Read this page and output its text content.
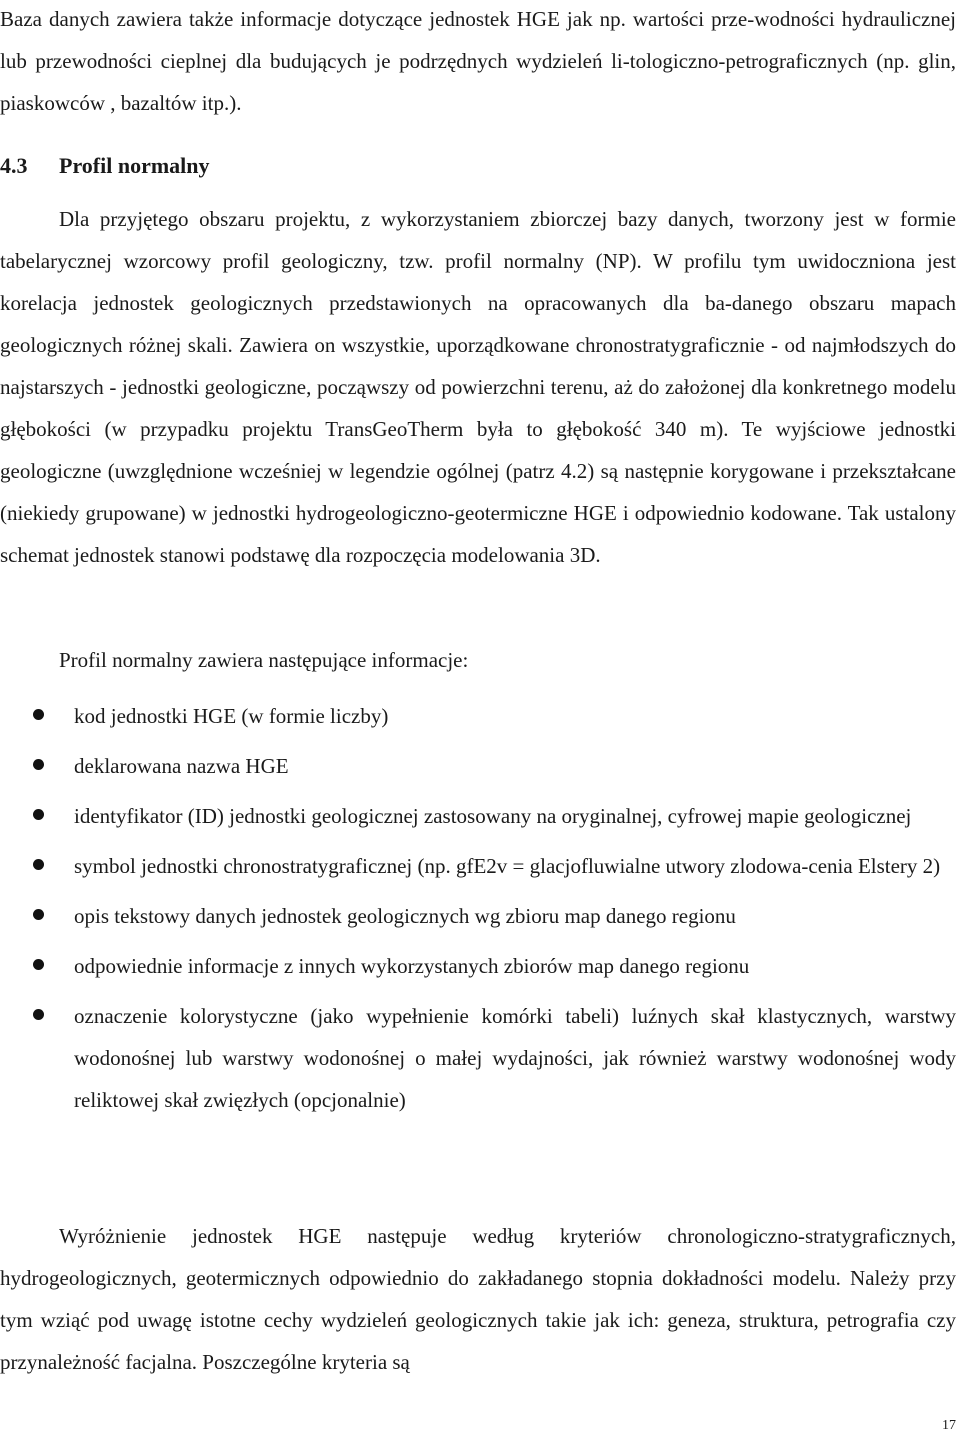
Baza danych zawiera także informacje dotyczące jednostek HGE jak np. wartości prze-wodności hydraulicznej lub przewodności cieplnej dla budujących je podrzędnych wydzieleń li-tologiczno-petrograficznych (np. glin, piaskowców , bazaltów itp.).

4.3 Profil normalny

Dla przyjętego obszaru projektu, z wykorzystaniem zbiorczej bazy danych, tworzony jest w formie tabelarycznej wzorcowy profil geologiczny, tzw. profil normalny (NP). W profilu tym uwidoczniona jest korelacja jednostek geologicznych przedstawionych na opracowanych dla ba-danego obszaru mapach geologicznych różnej skali. Zawiera on wszystkie, uporządkowane chronostratygraficznie - od najmłodszych do najstarszych - jednostki geologiczne, począwszy od powierzchni terenu, aż do założonej dla konkretnego modelu głębokości (w przypadku projektu TransGeoTherm była to głębokość 340 m). Te wyjściowe jednostki geologiczne (uwzględnione wcześniej w legendzie ogólnej (patrz 4.2) są następnie korygowane i przekształcane (niekiedy grupowane) w jednostki hydrogeologiczno-geotermiczne HGE i odpowiednio kodowane. Tak ustalony schemat jednostek stanowi podstawę dla rozpoczęcia modelowania 3D.

Profil normalny zawiera następujące informacje:

kod jednostki HGE (w formie liczby)
deklarowana nazwa HGE
identyfikator (ID) jednostki geologicznej zastosowany na oryginalnej, cyfrowej mapie geologicznej
symbol jednostki chronostratygraficznej (np. gfE2v = glacjofluwialne utwory zlodowa-cenia Elstery 2)
opis tekstowy danych jednostek geologicznych wg zbioru map danego regionu
odpowiednie informacje z innych wykorzystanych zbiorów map danego regionu
oznaczenie kolorystyczne (jako wypełnienie komórki tabeli) luźnych skał klastycznych, warstwy wodonośnej lub warstwy wodonośnej o małej wydajności, jak również warstwy wodonośnej wody reliktowej skał zwięzłych (opcjonalnie)

Wyróżnienie jednostek HGE następuje według kryteriów chronologiczno-stratygraficznych, hydrogeologicznych, geotermicznych odpowiednio do zakładanego stopnia dokładności modelu. Należy przy tym wziąć pod uwagę istotne cechy wydzieleń geologicznych takie jak ich: geneza, struktura, petrografia czy przynależność facjalna. Poszczególne kryteria są

17
